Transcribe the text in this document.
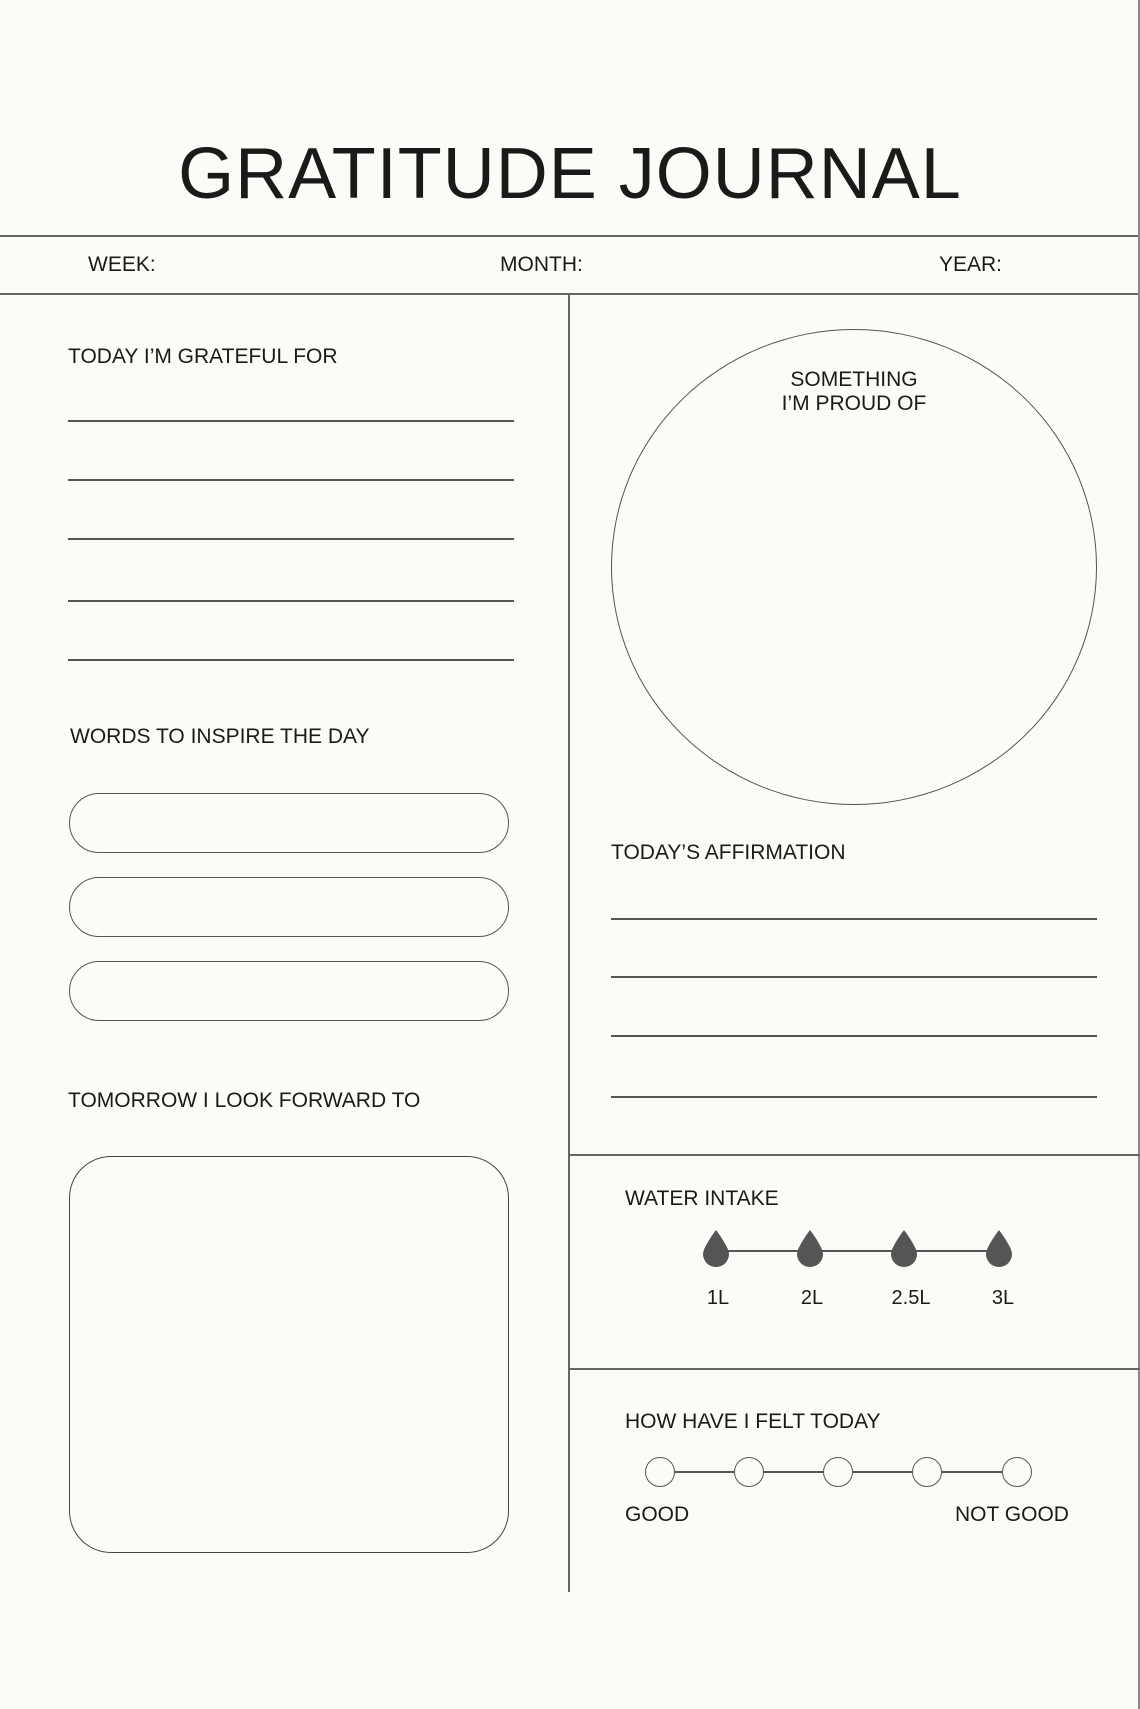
GRATITUDE JOURNAL
WEEK:	MONTH:	YEAR:
TODAY I’M GRATEFUL FOR
WORDS TO INSPIRE THE DAY
TOMORROW I LOOK FORWARD TO
SOMETHING
I’M PROUD OF
TODAY’S AFFIRMATION
WATER INTAKE
1L	2L	2.5L	3L
HOW HAVE I FELT TODAY
GOOD	NOT GOOD
